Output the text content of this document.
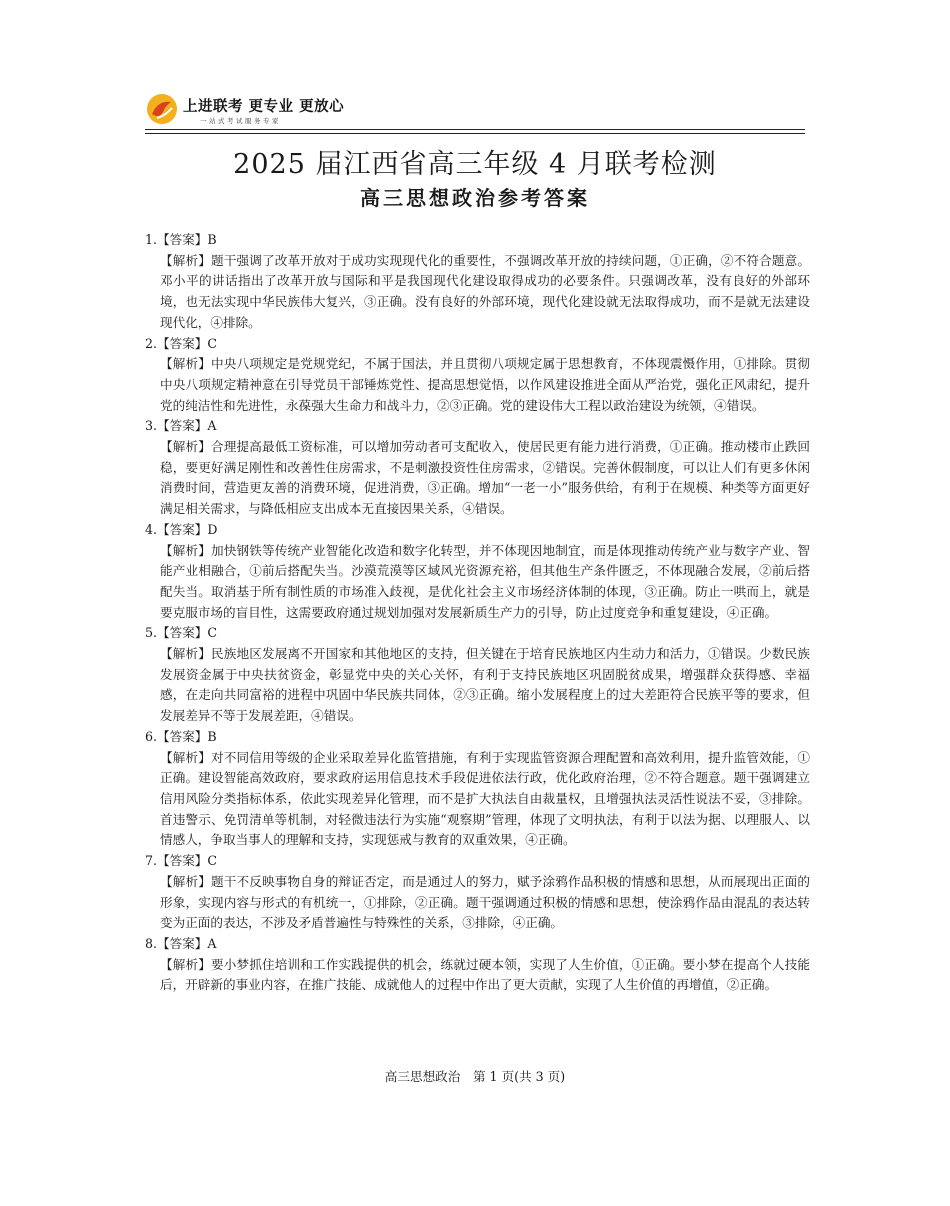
上进联考 更专业 更放心
一站式考试服务专家
2025 届江西省高三年级 4 月联考检测
高三思想政治参考答案

1.【答案】B

【解析】题干强调了改革开放对于成功实现现代化的重要性，不强调改革开放的持续问题，①正确，②不符合题意。邓小平的讲话指出了改革开放与国际和平是我国现代化建设取得成功的必要条件。只强调改革，没有良好的外部环境，也无法实现中华民族伟大复兴，③正确。没有良好的外部环境，现代化建设就无法取得成功，而不是就无法建设现代化，④排除。

2.【答案】C

【解析】中央八项规定是党规党纪，不属于国法，并且贯彻八项规定属于思想教育，不体现震慑作用，①排除。贯彻中央八项规定精神意在引导党员干部锤炼党性、提高思想觉悟，以作风建设推进全面从严治党，强化正风肃纪，提升党的纯洁性和先进性，永葆强大生命力和战斗力，②③正确。党的建设伟大工程以政治建设为统领，④错误。

3.【答案】A

【解析】合理提高最低工资标准，可以增加劳动者可支配收入，使居民更有能力进行消费，①正确。推动楼市止跌回稳，要更好满足刚性和改善性住房需求，不是刺激投资性住房需求，②错误。完善休假制度，可以让人们有更多休闲消费时间，营造更友善的消费环境，促进消费，③正确。增加“一老一小”服务供给，有利于在规模、种类等方面更好满足相关需求，与降低相应支出成本无直接因果关系，④错误。

4.【答案】D

【解析】加快钢铁等传统产业智能化改造和数字化转型，并不体现因地制宜，而是体现推动传统产业与数字产业、智能产业相融合，①前后搭配失当。沙漠荒漠等区域风光资源充裕，但其他生产条件匮乏，不体现融合发展，②前后搭配失当。取消基于所有制性质的市场准入歧视，是优化社会主义市场经济体制的体现，③正确。防止一哄而上，就是要克服市场的盲目性，这需要政府通过规划加强对发展新质生产力的引导，防止过度竞争和重复建设，④正确。

5.【答案】C

【解析】民族地区发展离不开国家和其他地区的支持，但关键在于培育民族地区内生动力和活力，①错误。少数民族发展资金属于中央扶贫资金，彰显党中央的关心关怀，有利于支持民族地区巩固脱贫成果，增强群众获得感、幸福感，在走向共同富裕的进程中巩固中华民族共同体，②③正确。缩小发展程度上的过大差距符合民族平等的要求，但发展差异不等于发展差距，④错误。

6.【答案】B

【解析】对不同信用等级的企业采取差异化监管措施，有利于实现监管资源合理配置和高效利用，提升监管效能，①正确。建设智能高效政府，要求政府运用信息技术手段促进依法行政，优化政府治理，②不符合题意。题干强调建立信用风险分类指标体系，依此实现差异化管理，而不是扩大执法自由裁量权，且增强执法灵活性说法不妥，③排除。首违警示、免罚清单等机制，对轻微违法行为实施“观察期”管理，体现了文明执法，有利于以法为据、以理服人、以情感人，争取当事人的理解和支持，实现惩戒与教育的双重效果，④正确。

7.【答案】C

【解析】题干不反映事物自身的辩证否定，而是通过人的努力，赋予涂鸦作品积极的情感和思想，从而展现出正面的形象，实现内容与形式的有机统一，①排除，②正确。题干强调通过积极的情感和思想，使涂鸦作品由混乱的表达转变为正面的表达，不涉及矛盾普遍性与特殊性的关系，③排除，④正确。

8.【答案】A

【解析】要小梦抓住培训和工作实践提供的机会，练就过硬本领，实现了人生价值，①正确。要小梦在提高个人技能后，开辟新的事业内容，在推广技能、成就他人的过程中作出了更大贡献，实现了人生价值的再增值，②正确。

高三思想政治　第 1 页(共 3 页)
